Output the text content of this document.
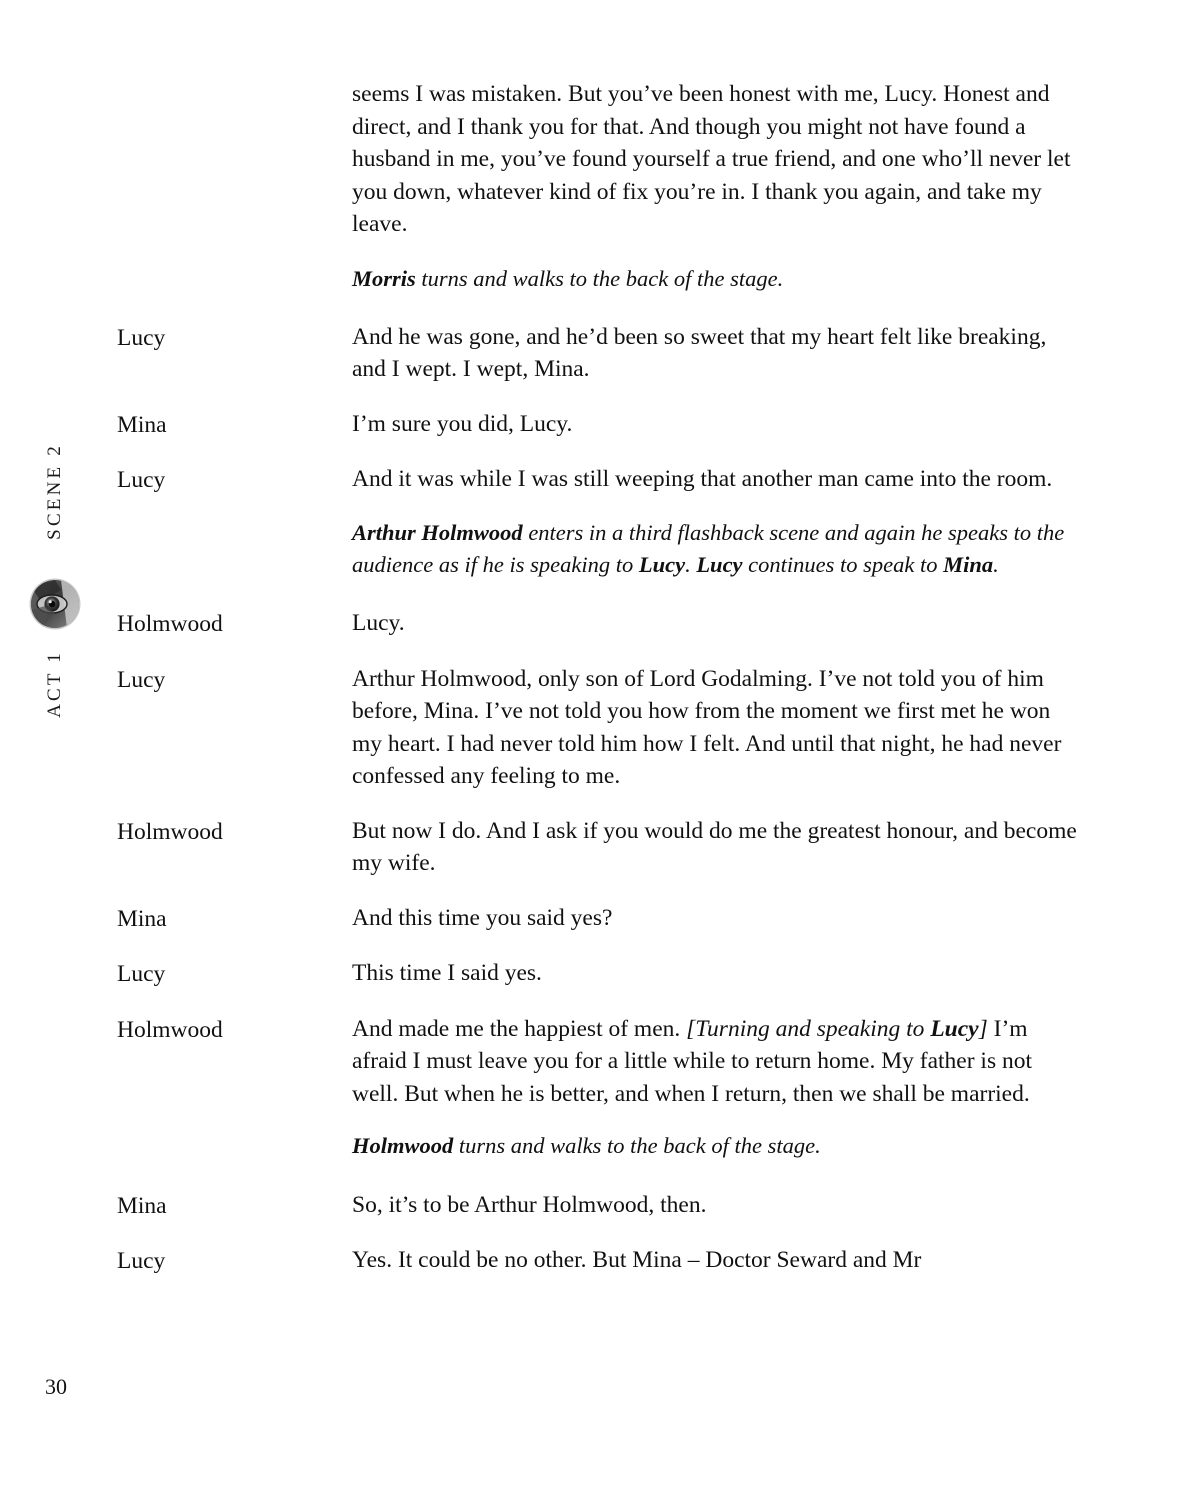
SCENE 2
ACT 1
30
seems I was mistaken. But you’ve been honest with me, Lucy. Honest and direct, and I thank you for that. And though you might not have found a husband in me, you’ve found yourself a true friend, and one who’ll never let you down, whatever kind of fix you’re in. I thank you again, and take my leave.
Morris turns and walks to the back of the stage.
Lucy	And he was gone, and he’d been so sweet that my heart felt like breaking, and I wept. I wept, Mina.
Mina	I’m sure you did, Lucy.
Lucy	And it was while I was still weeping that another man came into the room.
Arthur Holmwood enters in a third flashback scene and again he speaks to the audience as if he is speaking to Lucy. Lucy continues to speak to Mina.
Holmwood	Lucy.
Lucy	Arthur Holmwood, only son of Lord Godalming. I’ve not told you of him before, Mina. I’ve not told you how from the moment we first met he won my heart. I had never told him how I felt. And until that night, he had never confessed any feeling to me.
Holmwood	But now I do. And I ask if you would do me the greatest honour, and become my wife.
Mina	And this time you said yes?
Lucy	This time I said yes.
Holmwood	And made me the happiest of men. [Turning and speaking to Lucy] I’m afraid I must leave you for a little while to return home. My father is not well. But when he is better, and when I return, then we shall be married.
Holmwood turns and walks to the back of the stage.
Mina	So, it’s to be Arthur Holmwood, then.
Lucy	Yes. It could be no other. But Mina – Doctor Seward and Mr
